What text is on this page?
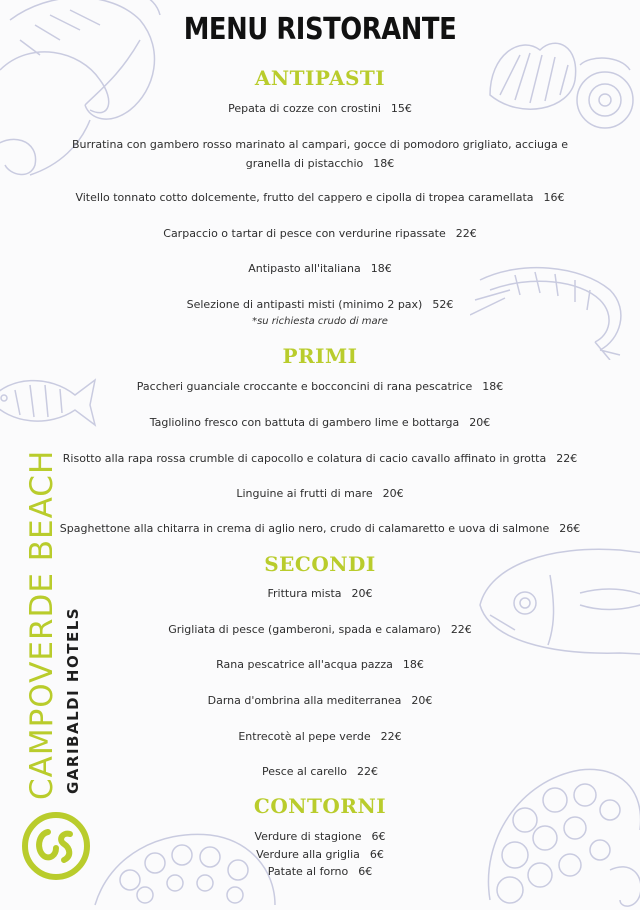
MENU RISTORANTE
ANTIPASTI
Pepata di cozze con crostini 15€
Burratina con gambero rosso marinato al campari, gocce di pomodoro grigliato, acciuga e granella di pistacchio 18€
Vitello tonnato cotto dolcemente, frutto del cappero e cipolla di tropea caramellata 16€
Carpaccio o tartar di pesce con verdurine ripassate 22€
Antipasto all'italiana 18€
Selezione di antipasti misti (minimo 2 pax) 52€
*su richiesta crudo di mare
PRIMI
Paccheri guanciale croccante e bocconcini di rana pescatrice 18€
Tagliolino fresco con battuta di gambero lime e bottarga 20€
Risotto alla rapa rossa crumble di capocollo e colatura di cacio cavallo affinato in grotta 22€
Linguine ai frutti di mare 20€
Spaghettone alla chitarra in crema di aglio nero, crudo di calamaretto e uova di salmone 26€
SECONDI
Frittura mista 20€
Grigliata di pesce (gamberoni, spada e calamaro) 22€
Rana pescatrice all'acqua pazza 18€
Darna d'ombrina alla mediterranea 20€
Entrecotè al pepe verde 22€
Pesce al carello 22€
CONTORNI
Verdure di stagione 6€
Verdure alla griglia 6€
Patate al forno 6€
CAMPOVERDE BEACH GARIBALDI HOTELS
